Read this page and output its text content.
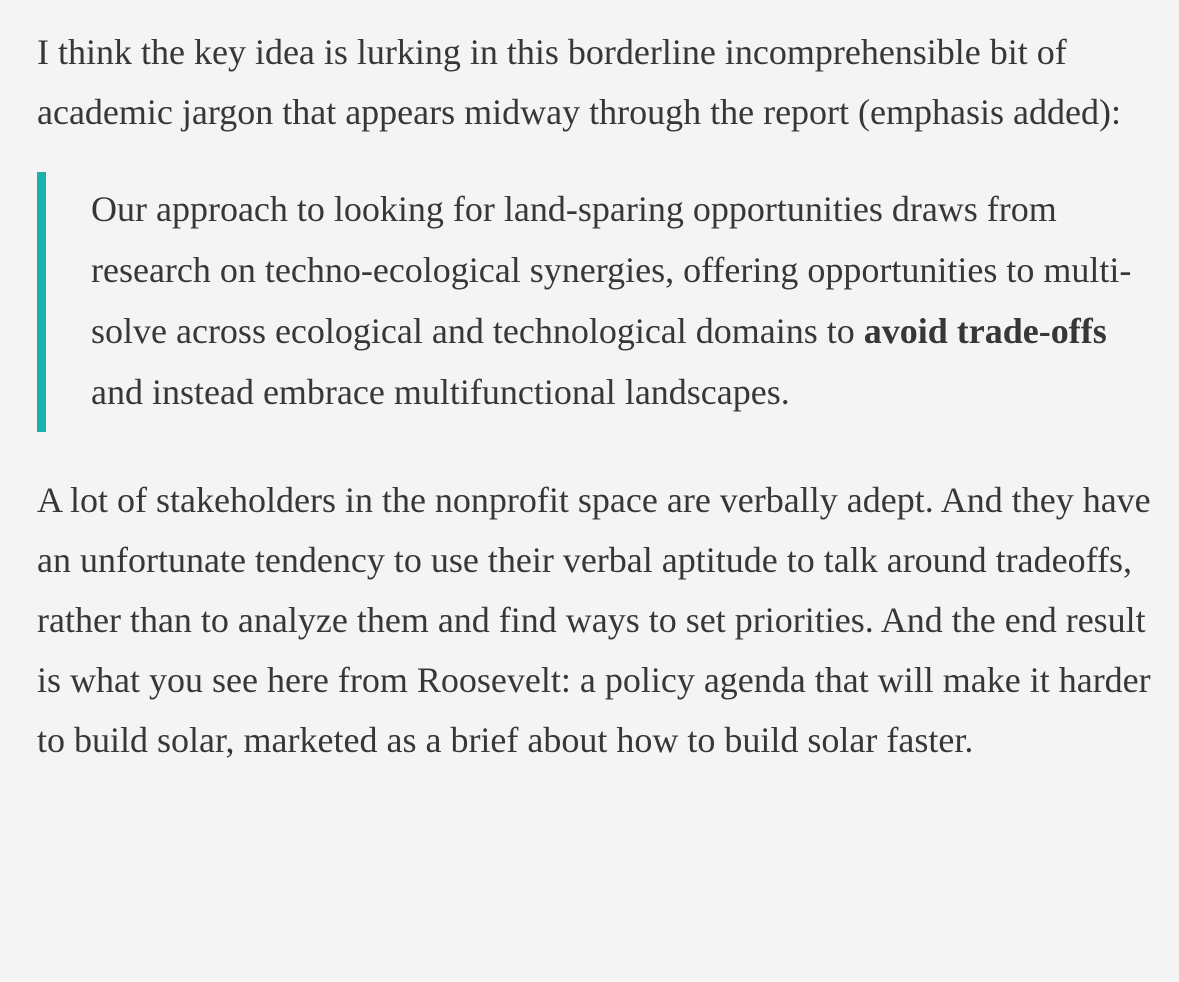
I think the key idea is lurking in this borderline incomprehensible bit of academic jargon that appears midway through the report (emphasis added):

Our approach to looking for land-sparing opportunities draws from research on techno-ecological synergies, offering opportunities to multi-solve across ecological and technological domains to avoid trade-offs and instead embrace multifunctional landscapes.

A lot of stakeholders in the nonprofit space are verbally adept. And they have an unfortunate tendency to use their verbal aptitude to talk around tradeoffs, rather than to analyze them and find ways to set priorities. And the end result is what you see here from Roosevelt: a policy agenda that will make it harder to build solar, marketed as a brief about how to build solar faster.
